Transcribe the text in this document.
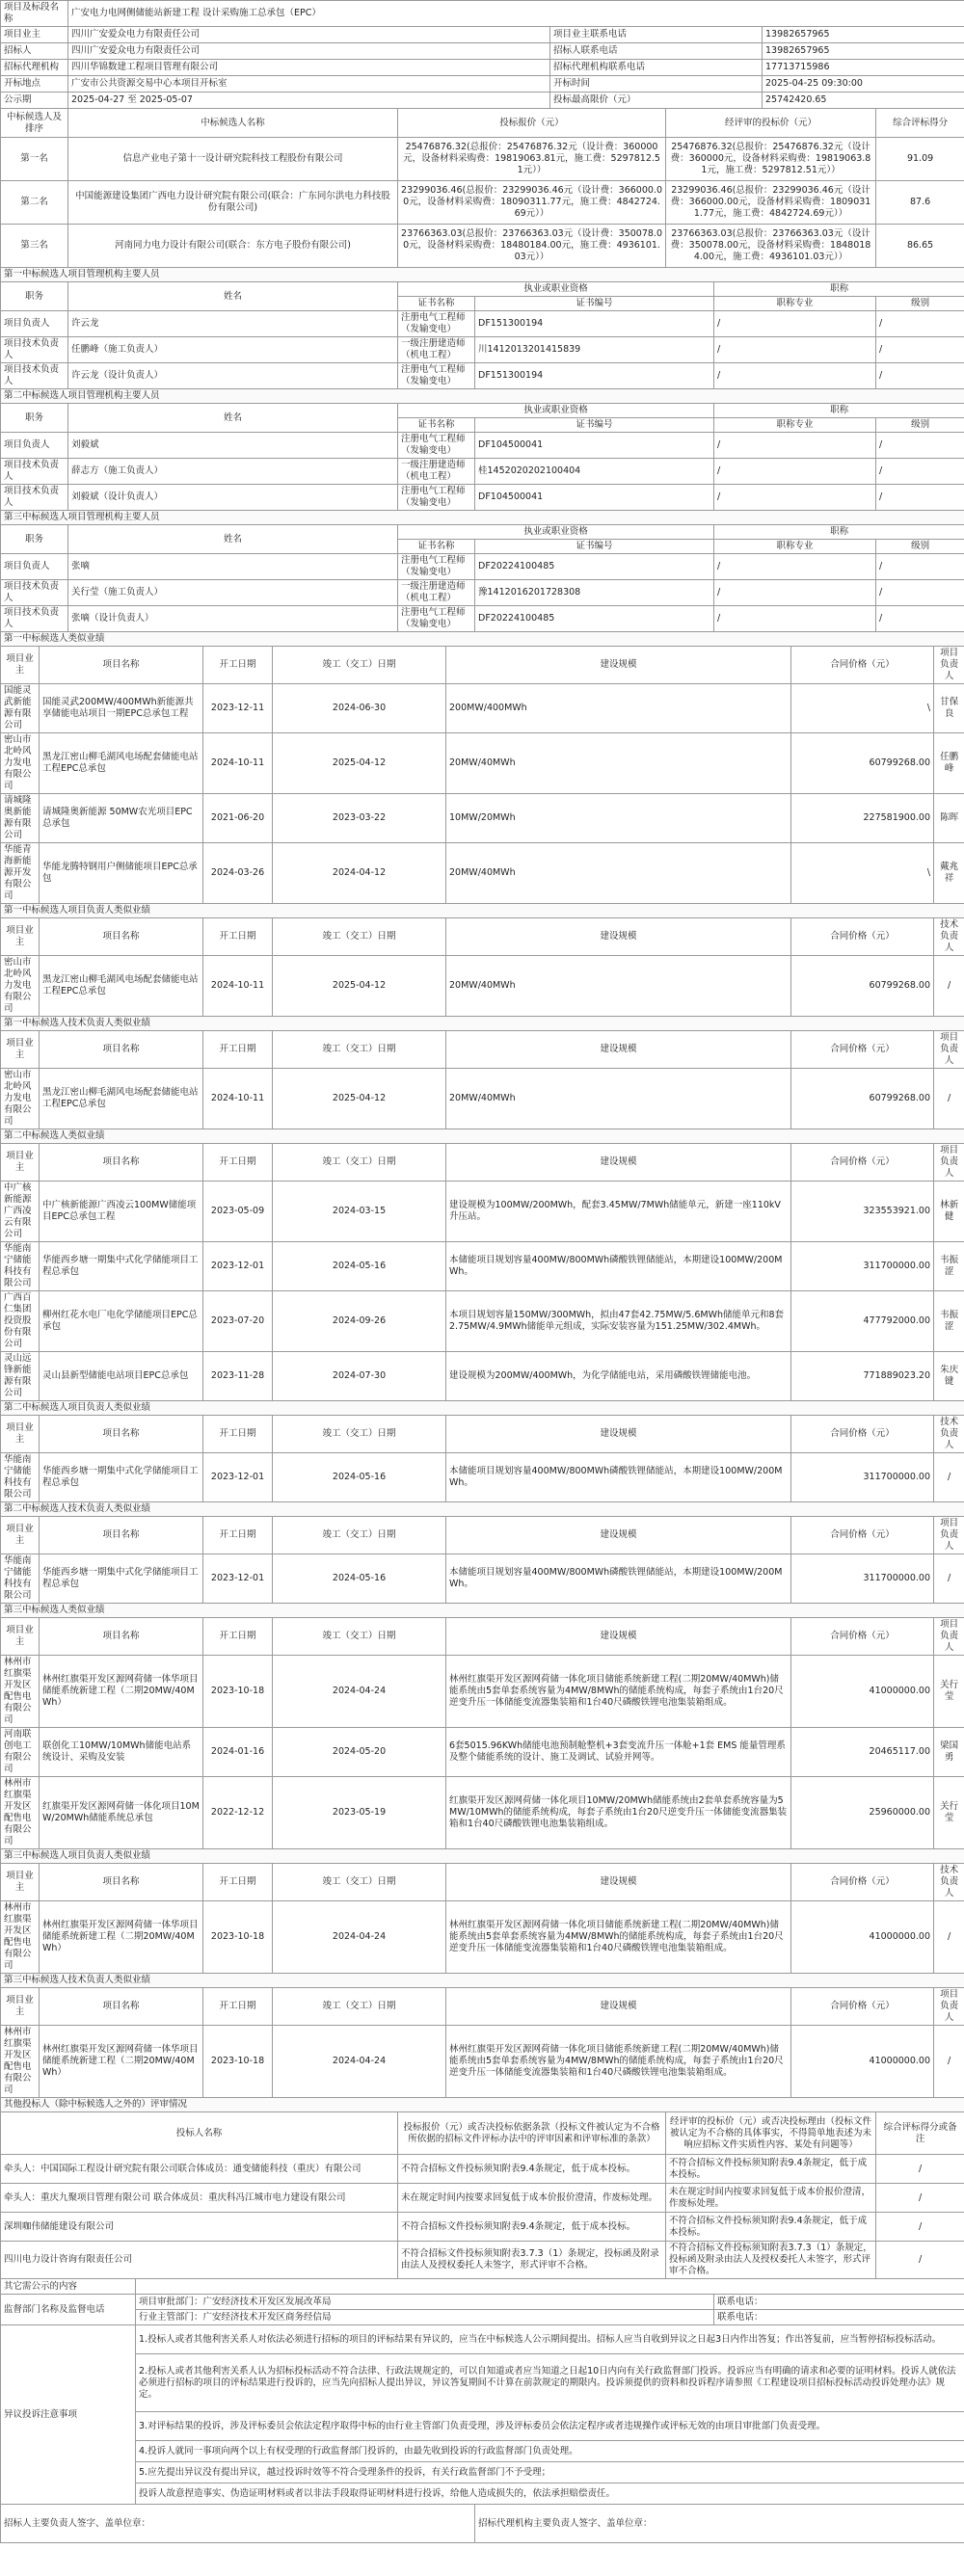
项目及标段名称		广安电力电网侧储能站新建工程 设计采购施工总承包（EPC）													
项目业主		四川广安爱众电力有限责任公司							项目业主联系电话			13982657965			
招标人		四川广安爱众电力有限责任公司							招标人联系电话			13982657965			
招标代理机构		四川华锦数建工程项目管理有限公司							招标代理机构联系电话			17713715986			
开标地点		广安市公共资源交易中心本项目开标室							开标时间			2025-04-25 09:30:00			
公示期		2025-04-27 至 2025-05-07							投标最高限价（元）			25742420.65			
中标候选人及排序		中标候选人名称				投标报价（元）				经评审的投标价（元）				综合评标得分	
第一名		信息产业电子第十一设计研究院科技工程股份有限公司				25476876.32(总报价：25476876.32元（设计费：360000元，设备材料采购费：19819063.81元，施工费：5297812.51元））				25476876.32(总报价：25476876.32元（设计费：360000元，设备材料采购费：19819063.81元，施工费：5297812.51元））				91.09	
第二名		中国能源建设集团广西电力设计研究院有限公司(联合：广东同尔洪电力科技股份有限公司)				23299036.46(总报价：23299036.46元（设计费：366000.00元，设备材料采购费：18090311.77元，施工费：4842724.69元））				23299036.46(总报价：23299036.46元（设计费：366000.00元，设备材料采购费：18090311.77元，施工费：4842724.69元））				87.6	
第三名		河南同力电力设计有限公司(联合：东方电子股份有限公司)				23766363.03(总报价：23766363.03元（设计费：350078.00元，设备材料采购费：18480184.00元，施工费：4936101.03元））				23766363.03(总报价：23766363.03元（设计费：350078.00元，设备材料采购费：18480184.00元，施工费：4936101.03元））				86.65	
第一中标候选人项目管理机构主要人员															
职务		姓名				执业或职业资格					职称				
						证书名称		证书编号			职称专业			级别	
项目负责人		许云龙				注册电气工程师（发输变电）		DF151300194			/			/	
项目技术负责人		任鹏峰（施工负责人）				一级注册建造师（机电工程）		川1412013201415839			/			/	
项目技术负责人		许云龙（设计负责人）				注册电气工程师（发输变电）		DF151300194			/			/	
第二中标候选人项目管理机构主要人员															
职务		姓名				执业或职业资格					职称				
						证书名称		证书编号			职称专业			级别	
项目负责人		刘毅斌				注册电气工程师（发输变电）		DF104500041			/			/	
项目技术负责人		薛志方（施工负责人）				一级注册建造师（机电工程）		桂1452020202100404			/			/	
项目技术负责人		刘毅斌（设计负责人）				注册电气工程师（发输变电）		DF104500041			/			/	
第三中标候选人项目管理机构主要人员															
职务		姓名				执业或职业资格					职称				
						证书名称		证书编号			职称专业			级别	
项目负责人		张嘀				注册电气工程师（发输变电）		DF20224100485			/			/	
项目技术负责人		关行莹（施工负责人）				一级注册建造师（机电工程）		豫1412016201728308			/			/	
项目技术负责人		张嘀（设计负责人）				注册电气工程师（发输变电）		DF20224100485			/			/	
第一中标候选人类似业绩															
项目业主	项目名称			开工日期	竣工（交工）日期		建设规模						合同价格（元）		项目负责人
国能灵武新能源有限公司	国能灵武200MW/400MWh新能源共享储能电站项目一期EPC总承包工程			2023-12-11	2024-06-30		200MW/400MWh						\		甘保良
密山市北岭风力发电有限公司	黑龙江密山柳毛湖风电场配套储能电站工程EPC总承包			2024-10-11	2025-04-12		20MW/40MWh						60799268.00		任鹏峰
请城隆奥新能源有限公司	请城隆奥新能源 50MW农光项目EPC总承包			2021-06-20	2023-03-22		10MW/20MWh						227581900.00		陈晖
华能青海新能源开发有限公司	华能龙腾特钢用户侧储能项目EPC总承包			2024-03-26	2024-04-12		20MW/40MWh						\		戴兆祥
第一中标候选人项目负责人类似业绩															
项目业主	项目名称			开工日期	竣工（交工）日期		建设规模						合同价格（元）		技术负责人
密山市北岭风力发电有限公司	黑龙江密山柳毛湖风电场配套储能电站工程EPC总承包			2024-10-11	2025-04-12		20MW/40MWh						60799268.00		/
第一中标候选人技术负责人类似业绩															
项目业主	项目名称			开工日期	竣工（交工）日期		建设规模						合同价格（元）		项目负责人
密山市北岭风力发电有限公司	黑龙江密山柳毛湖风电场配套储能电站工程EPC总承包			2024-10-11	2025-04-12		20MW/40MWh						60799268.00		/
第二中标候选人类似业绩															
项目业主	项目名称			开工日期	竣工（交工）日期		建设规模						合同价格（元）		项目负责人
中广核新能源广西凌云有限公司	中广核新能源广西凌云100MW储能项目EPC总承包工程			2023-05-09	2024-03-15		建设规模为100MW/200MWh，配套3.45MW/7MWh储能单元，新建一座110kV升压站。						323553921.00		林新健
华能南宁储能科技有限公司	华能西乡塘一期集中式化学储能项目工程总承包			2023-12-01	2024-05-16		本储能项目规划容量400MW/800MWh磷酸铁锂储能站，本期建设100MW/200MWh。						311700000.00		韦振涩
广西百仁集团投资股份有限公司	柳州红花水电厂电化学储能项目EPC总承包			2023-07-20	2024-09-26		本项目规划容量150MW/300MWh，拟由47套42.75MW/5.6MWh储能单元和8套2.75MW/4.9MWh储能单元组成，实际安装容量为151.25MW/302.4MWh。						477792000.00		韦振涩
灵山远锋新能源有限公司	灵山县新型储能电站项目EPC总承包			2023-11-28	2024-07-30		建设规模为200MW/400MWh，为化学储能电站，采用磷酸铁锂储能电池。						771889023.20		朱庆键
第二中标候选人项目负责人类似业绩															
项目业主	项目名称			开工日期	竣工（交工）日期		建设规模						合同价格（元）		技术负责人
华能南宁储能科技有限公司	华能西乡塘一期集中式化学储能项目工程总承包			2023-12-01	2024-05-16		本储能项目规划容量400MW/800MWh磷酸铁锂储能站，本期建设100MW/200MWh。						311700000.00		/
第二中标候选人技术负责人类似业绩															
项目业主	项目名称			开工日期	竣工（交工）日期		建设规模						合同价格（元）		项目负责人
华能南宁储能科技有限公司	华能西乡塘一期集中式化学储能项目工程总承包			2023-12-01	2024-05-16		本储能项目规划容量400MW/800MWh磷酸铁锂储能站，本期建设100MW/200MWh。						311700000.00		/
第三中标候选人类似业绩															
项目业主	项目名称			开工日期	竣工（交工）日期		建设规模						合同价格（元）		项目负责人
林州市红旗渠开发区配售电有限公司	林州红旗渠开发区源网荷储一体华项目储能系统新建工程（二期20MW/40MWh）			2023-10-18	2024-04-24		林州红旗渠开发区源网荷储一体化项目储能系统新建工程(二期20MW/40MWh)储能系统由5套单套系统容量为4MW/8MWh的储能系统构成，每套子系统由1台20尺逆变升压一体储能变流器集装箱和1台40尺磷酸铁锂电池集装箱组成。						41000000.00		关行莹
河南联创电工有限公司	联创化工10MW/10MWh储能电站系统设计、采购及安装			2024-01-16	2024-05-20		6套5015.96KWh储能电池预制舱整机+3套变流升压一体舱+1套 EMS 能量管理系及整个储能系统的设计、施工及调试、试验并网等。						20465117.00		梁国勇
林州市红旗渠开发区配售电有限公司	红旗渠开发区源网荷储一体化项目10MW/20MWh储能系统总承包			2022-12-12	2023-05-19		红旗渠开发区源网荷储一体化项目10MW/20MWh储能系统由2套单套系统容量为5MW/10MWh的储能系统构成，每套子系统由1台20尺逆变升压一体储能变流器集装箱和1台40尺磷酸铁锂电池集装箱组成。						25960000.00		关行莹
第三中标候选人项目负责人类似业绩															
项目业主	项目名称			开工日期	竣工（交工）日期		建设规模						合同价格（元）		技术负责人
林州市红旗渠开发区配售电有限公司	林州红旗渠开发区源网荷储一体华项目储能系统新建工程（二期20MW/40MWh）			2023-10-18	2024-04-24		林州红旗渠开发区源网荷储一体化项目储能系统新建工程(二期20MW/40MWh)储能系统由5套单套系统容量为4MW/8MWh的储能系统构成，每套子系统由1台20尺逆变升压一体储能变流器集装箱和1台40尺磷酸铁锂电池集装箱组成。						41000000.00		/
第三中标候选人技术负责人类似业绩															
项目业主	项目名称			开工日期	竣工（交工）日期		建设规模						合同价格（元）		项目负责人
林州市红旗渠开发区配售电有限公司	林州红旗渠开发区源网荷储一体华项目储能系统新建工程（二期20MW/40MWh）			2023-10-18	2024-04-24		林州红旗渠开发区源网荷储一体化项目储能系统新建工程(二期20MW/40MWh)储能系统由5套单套系统容量为4MW/8MWh的储能系统构成，每套子系统由1台20尺逆变升压一体储能变流器集装箱和1台40尺磷酸铁锂电池集装箱组成。						41000000.00		/
其他投标人（除中标候选人之外的）评审情况															
投标人名称						投标报价（元）或否决投标依据条款（投标文件被认定为不合格所依据的招标文件评标办法中的评审因素和评审标准的条款）				经评审的投标价（元）或否决投标理由（投标文件被认定为不合格的具体事实，不得简单地表述为未响应招标文件实质性内容、某处有问题等）				综合评标得分或备注	
牵头人：中国国际工程设计研究院有限公司联合体成员：通变储能科技（重庆）有限公司						不符合招标文件投标须知附表9.4条规定，低于成本投标。				不符合招标文件投标须知附表9.4条规定，低于成本投标。				/	
牵头人：重庆九聚项目管理有限公司 联合体成员：重庆科冯江城市电力建设有限公司						未在规定时间内按要求回复低于成本价报价澄清，作废标处理。				未在规定时间内按要求回复低于成本价报价澄清，作废标处理。				/	
深圳咖伟储能建设有限公司						不符合招标文件投标须知附表9.4条规定，低于成本投标。				不符合招标文件投标须知附表9.4条规定，低于成本投标。				/	
四川电力设计咨询有限责任公司						不符合招标文件投标须知附表3.7.3（1）条规定，投标函及附录由法人及授权委托人未签字，形式评审不合格。				不符合招标文件投标须知附表3.7.3（1）条规定，投标函及附录由法人及授权委托人未签字，形式评审不合格。				/	
其它需公示的内容															
监督部门名称及监督电话			项目审批部门：广安经济技术开发区发展改革局								联系电话：				
			行业主管部门：广安经济技术开发区商务经信局								联系电话：				
异议投诉注意事项			1.投标人或者其他利害关系人对依法必须进行招标的项目的评标结果有异议的，应当在中标候选人公示期间提出。招标人应当自收到异议之日起3日内作出答复；作出答复前，应当暂停招标投标活动。												
			2.投标人或者其他利害关系人认为招标投标活动不符合法律、行政法规规定的，可以自知道或者应当知道之日起10日内向有关行政监督部门投诉。投诉应当有明确的请求和必要的证明材料。投诉人就依法必须进行招标的项目的评标结果进行投诉的，应当先向招标人提出异议，异议答复期间不计算在前款规定的期限内。投诉须提供的资料和投诉程序请参照《工程建设项目招标投标活动投诉处理办法》规定。												
			3.对评标结果的投诉，涉及评标委员会依法定程序取得中标的由行业主管部门负责受理，涉及评标委员会依法定程序或者违规操作或评标无效的由项目审批部门负责受理。												
			4.投诉人就同一事项向两个以上有权受理的行政监督部门投诉的，由最先收到投诉的行政监督部门负责处理。												
			5.应先提出异议没有提出异议，越过投诉时效等不符合受理条件的投诉，有关行政监督部门不予受理；												
			投诉人故意捏造事实、伪造证明材料或者以非法手段取得证明材料进行投诉，给他人造成损失的，依法承担赔偿责任。												
招标人主要负责人签字、盖单位章：								招标代理机构主要负责人签字、盖单位章：							
